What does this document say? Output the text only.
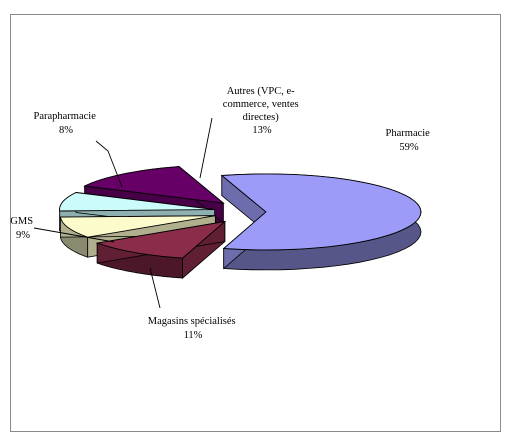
Pharmacie 59%
Autres (VPC, e- commerce, ventes directes) 13%
Parapharmacie 8%
GMS 9%
Magasins spécialisés 11%
